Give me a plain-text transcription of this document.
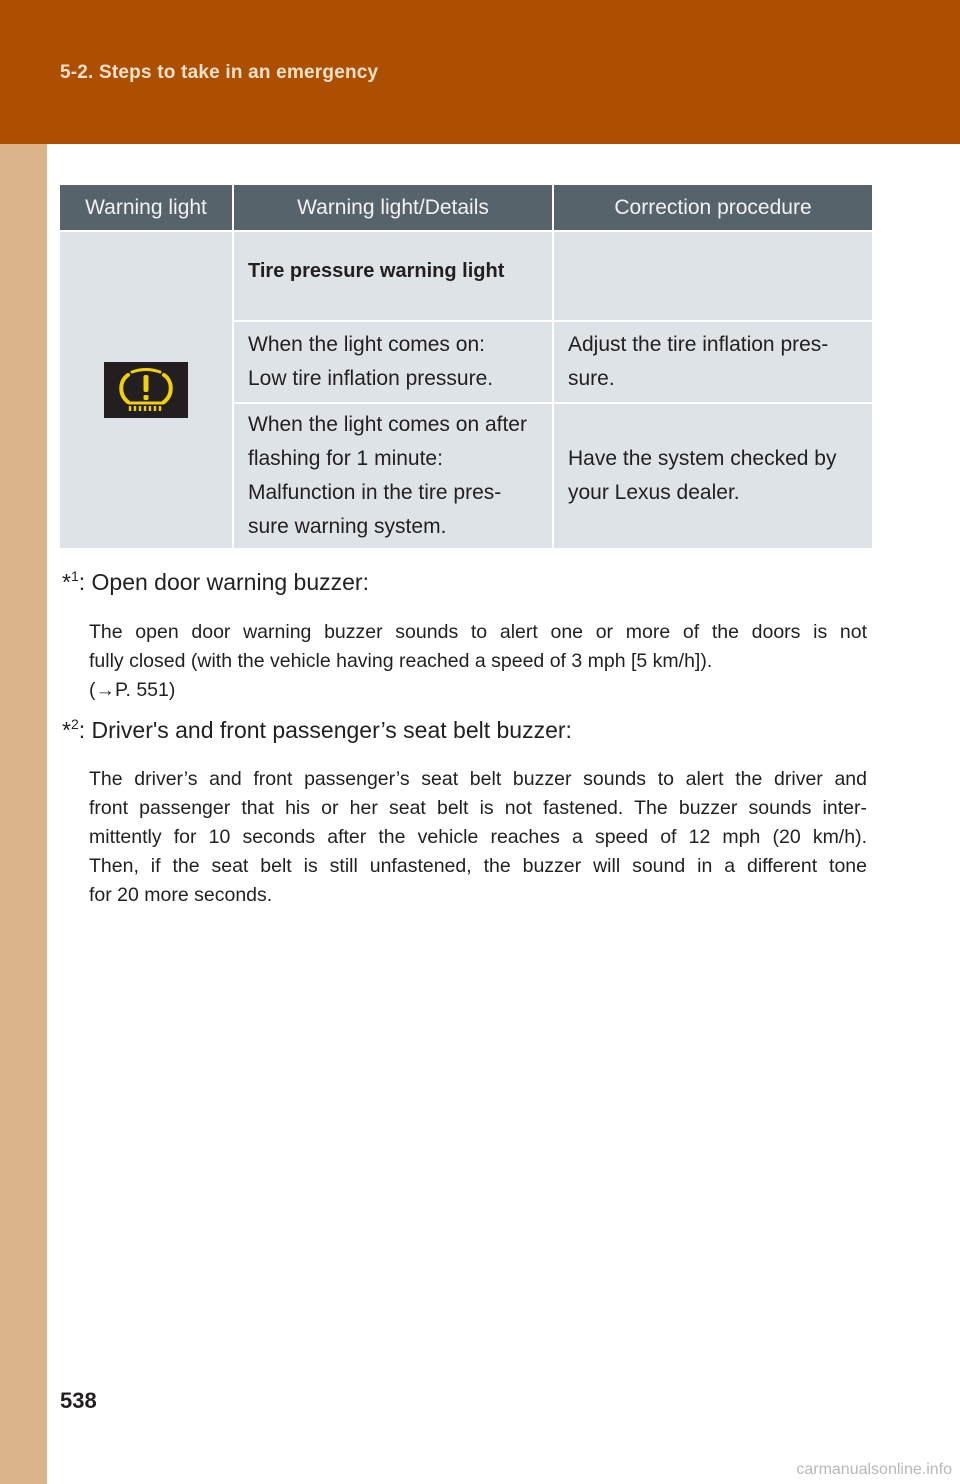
5-2. Steps to take in an emergency
Warning light	Warning light/Details	Correction procedure

	Tire pressure warning light	

	When the light comes on:
Low tire inflation pressure.	Adjust the tire inflation pres-
sure.

	When the light comes on after
flashing for 1 minute:
Malfunction in the tire pres-
sure warning system.	Have the system checked by
your Lexus dealer.
*$^1$: Open door warning buzzer:
The open door warning buzzer sounds to alert one or more of the doors is not
fully closed (with the vehicle having reached a speed of 3 mph [5 km/h]).
(→P. 551)
*$^2$: Driver's and front passenger’s seat belt buzzer:
The driver’s and front passenger’s seat belt buzzer sounds to alert the driver and
front passenger that his or her seat belt is not fastened. The buzzer sounds inter-
mittently for 10 seconds after the vehicle reaches a speed of 12 mph (20 km/h).
Then, if the seat belt is still unfastened, the buzzer will sound in a different tone
for 20 more seconds.
538
carmanualsonline.info
